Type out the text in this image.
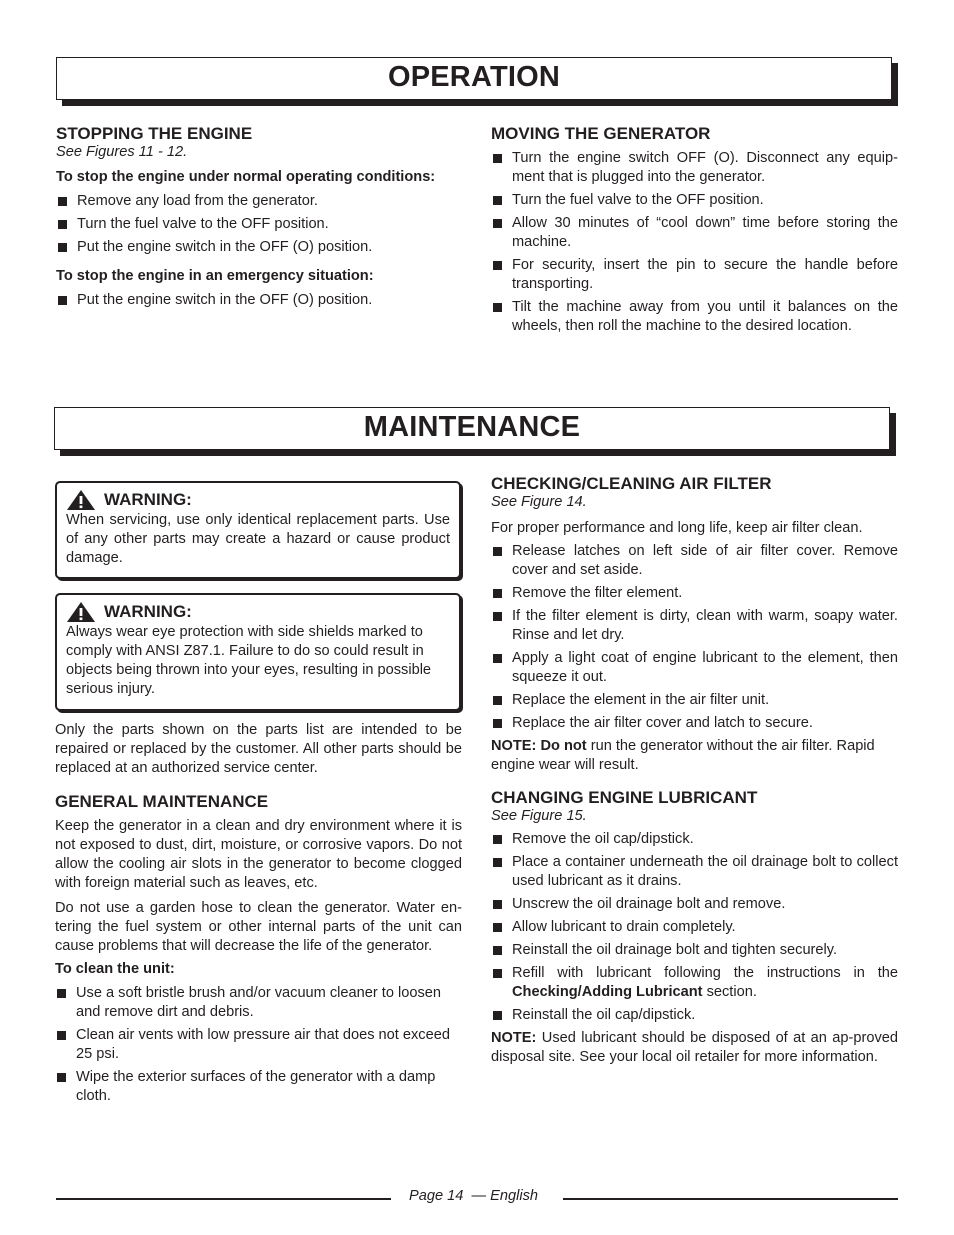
OPERATION
STOPPING THE ENGINE

See Figures 11 - 12.

To stop the engine under normal operating conditions:

Remove any load from the generator.
Turn the fuel valve to the OFF position.
Put the engine switch in the OFF (O) position.

To stop the engine in an emergency situation:

Put the engine switch in the OFF (O) position.
MOVING THE GENERATOR
Turn the engine switch OFF (O). Disconnect any equip-ment that is plugged into the generator.
Turn the fuel valve to the OFF position.
Allow 30 minutes of “cool down” time before storing the machine.
For security, insert the pin to secure the handle before transporting.
Tilt the machine away from you until it balances on the wheels, then roll the machine to the desired location.
MAINTENANCE
WARNING:

When servicing, use only identical replacement parts. Use of any other parts may create a hazard or cause product damage.

WARNING:

Always wear eye protection with side shields marked to comply with ANSI Z87.1. Failure to do so could result in objects being thrown into your eyes, resulting in possible serious injury.

Only the parts shown on the parts list are intended to be repaired or replaced by the customer. All other parts should be replaced at an authorized service center.

GENERAL MAINTENANCE

Keep the generator in a clean and dry environment where it is not exposed to dust, dirt, moisture, or corrosive vapors. Do not allow the cooling air slots in the generator to become clogged with foreign material such as leaves, etc.

Do not use a garden hose to clean the generator. Water en-tering the fuel system or other internal parts of the unit can cause problems that will decrease the life of the generator.

To clean the unit:

Use a soft bristle brush and/or vacuum cleaner to loosen and remove dirt and debris.
Clean air vents with low pressure air that does not exceed 25 psi.
Wipe the exterior surfaces of the generator with a damp cloth.
CHECKING/CLEANING AIR FILTER

See Figure 14.

For proper performance and long life, keep air filter clean.

Release latches on left side of air filter cover. Remove cover and set aside.
Remove the filter element.
If the filter element is dirty, clean with warm, soapy water. Rinse and let dry.
Apply a light coat of engine lubricant to the element, then squeeze it out.
Replace the element in the air filter unit.
Replace the air filter cover and latch to secure.

NOTE: Do not run the generator without the air filter. Rapid engine wear will result.

CHANGING ENGINE LUBRICANT

See Figure 15.

Remove the oil cap/dipstick.
Place a container underneath the oil drainage bolt to collect used lubricant as it drains.
Unscrew the oil drainage bolt and remove.
Allow lubricant to drain completely.
Reinstall the oil drainage bolt and tighten securely.
Refill with lubricant following the instructions in the Checking/Adding Lubricant section.
Reinstall the oil cap/dipstick.

NOTE: Used lubricant should be disposed of at an ap-proved disposal site. See your local oil retailer for more information.

Page 14 — English
